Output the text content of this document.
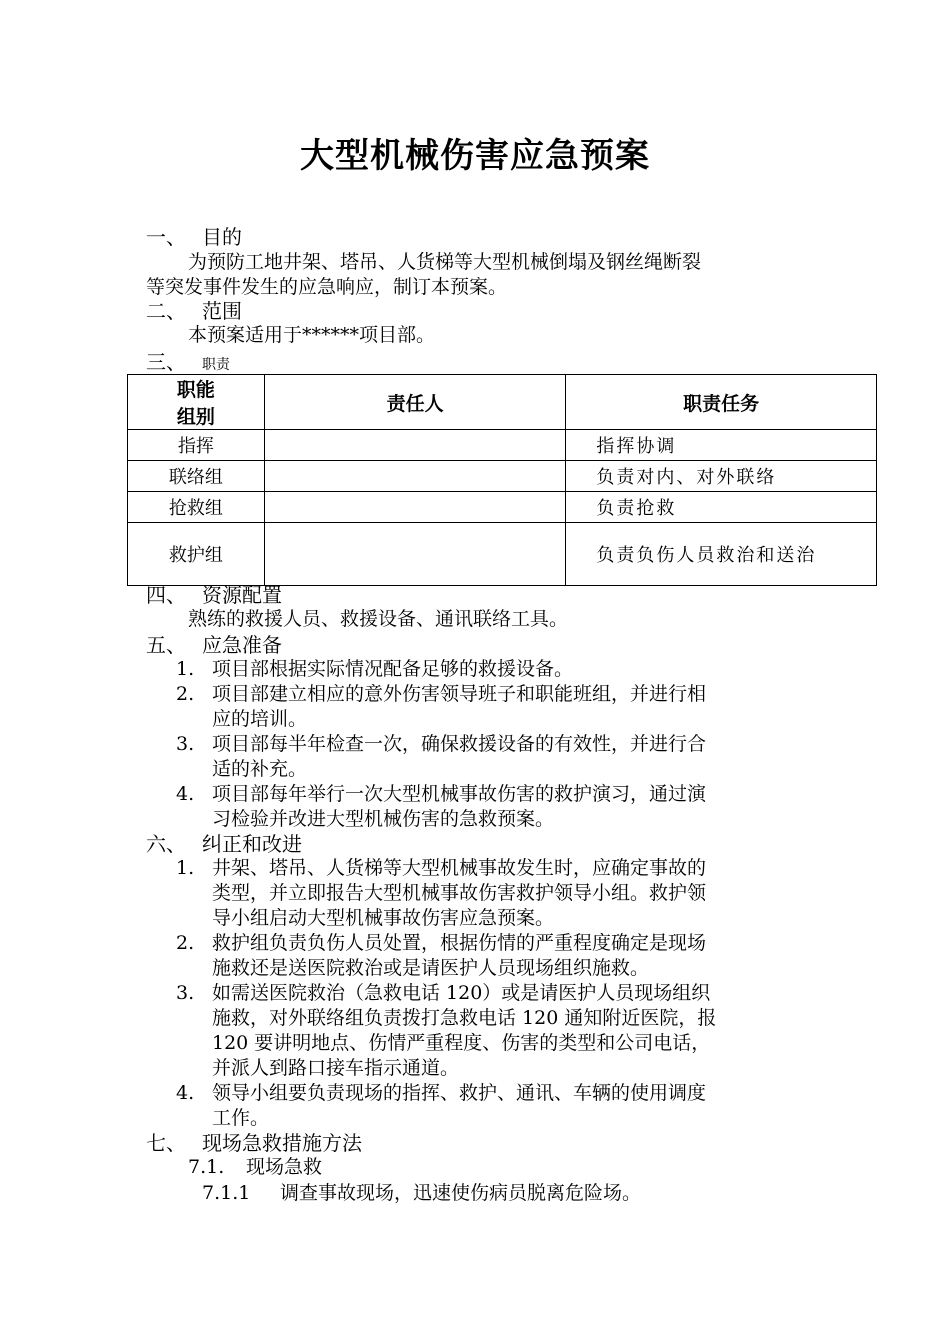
大型机械伤害应急预案
一、 目的
为预防工地井架、塔吊、人货梯等大型机械倒塌及钢丝绳断裂
等突发事件发生的应急响应，制订本预案。
二、 范围
本预案适用于******项目部。
三、 职责
职能
组别	责任人	职责任务
指挥		指挥协调
联络组		负责对内、对外联络
抢救组		负责抢救
救护组		负责负伤人员救治和送治
四、 资源配置
熟练的救援人员、救援设备、通讯联络工具。
五、 应急准备
1. 项目部根据实际情况配备足够的救援设备。
2. 项目部建立相应的意外伤害领导班子和职能班组，并进行相
应的培训。
3. 项目部每半年检查一次，确保救援设备的有效性，并进行合
适的补充。
4. 项目部每年举行一次大型机械事故伤害的救护演习，通过演
习检验并改进大型机械伤害的急救预案。
六、 纠正和改进
1. 井架、塔吊、人货梯等大型机械事故发生时，应确定事故的
类型，并立即报告大型机械事故伤害救护领导小组。救护领
导小组启动大型机械事故伤害应急预案。
2. 救护组负责负伤人员处置，根据伤情的严重程度确定是现场
施救还是送医院救治或是请医护人员现场组织施救。
3. 如需送医院救治（急救电话 120）或是请医护人员现场组织
施救，对外联络组负责拨打急救电话 120 通知附近医院，报
120 要讲明地点、伤情严重程度、伤害的类型和公司电话，
并派人到路口接车指示通道。
4. 领导小组要负责现场的指挥、救护、通讯、车辆的使用调度
工作。
七、 现场急救措施方法
7.1. 现场急救
7.1.1 调查事故现场，迅速使伤病员脱离危险场。
